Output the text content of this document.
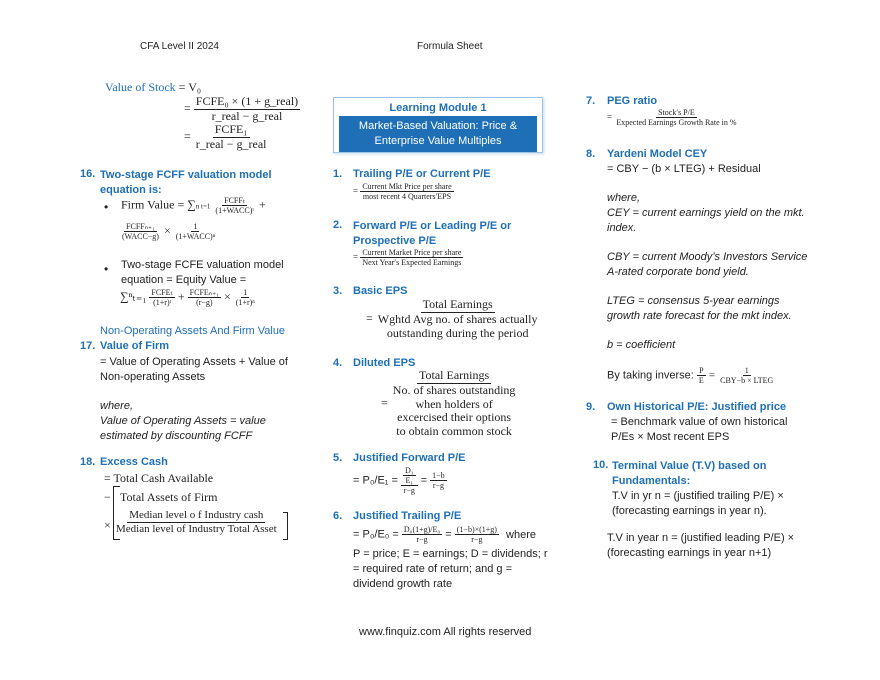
CFA Level II 2024	Formula Sheet
Value of Stock = V₀
= $\frac{\text{FCFE₀ × (1 + g\_real)}}{\text{r\_real − g\_real}}$
= $\frac{\text{FCFE₁}}{\text{r\_real − g\_real}}$
16. Two-stage FCFF valuation model
equation is:
• Firm Value = ∑n $t=1 \frac{\text{FCFFₜ}}{\text{(1+WACC)ᵗ}}$ +
$\frac{\text{FCFFₙ₊₁}}{\text{(WACC−g)}} \times \frac{1}{\text{(1+WACC)ⁿ}}$
• Two-stage FCFE valuation model
equation = Equity Value =
$\sum^n_{t=1} \frac{\text{FCFEₜ}}{\text{(1+r)ᵗ}} + \frac{\text{FCFEₙ₊₁}}{(r-g)} \times \frac{1}{\text{(1+r)ⁿ}}$
Non-Operating Assets And Firm Value
17. Value of Firm
= Value of Operating Assets + Value of
Non-operating Assets
where,
Value of Operating Assets = value
estimated by discounting FCFF
18. Excess Cash
= Total Cash Available
− Total Assets of Firm
× $\frac{\text{Median level o f Industry cash}}{\text{Median level of Industry Total Asset}}$
Learning Module 1
Market-Based Valuation: Price &
Enterprise Value Multiples
1. Trailing P/E or Current P/E
= $\frac{\text{Current Mkt Price per share}}{\text{most recent 4 Quarters′EPS}}$
2. Forward P/E or Leading P/E or
Prospective P/E
= $\frac{\text{Current Market Price per share}}{\text{Next Year′s Expected Earnings}}$
3. Basic EPS
=
Total Earnings
Wghtd Avg no. of shares actually
outstanding during the period
4. Diluted EPS
=
Total Earnings
No. of shares outstanding
when holders of
excercised their options
to obtain common stock
5. Justified Forward P/E
= $P_0/E_1 = \frac{\frac{\text{D₁}}{\text{E₁}}}{r-g} = \frac{1-b}{r-g}$
6. Justified Trailing P/E
= $P_0/E_0 = \frac{\text{D₀(1+g)/E₀}}{r-g} = \frac{(1-b)\times(1+g)}{r-g}$ where
P = price; E = earnings; D = dividends; r
= required rate of return; and g =
dividend growth rate
7. PEG ratio
= $\frac{\text{Stock′s P/E}}{\text{Expected Earnings Growth Rate in \%}}$
8. Yardeni Model CEY
= CBY − (b × LTEG) + Residual
where,
CEY = current earnings yield on the mkt.
index.
CBY = current Moody’s Investors Service
A-rated corporate bond yield.
LTEG = consensus 5-year earnings
growth rate forecast for the mkt index.
b = coefficient
By taking inverse: $\frac{P}{E} = \frac{1}{\text{CBY−b × LTEG}}$
9. Own Historical P/E: Justified price
= Benchmark value of own historical
P/Es × Most recent EPS
10. Terminal Value (T.V) based on
Fundamentals:
T.V in yr n = (justified trailing P/E) ×
(forecasting earnings in year n).
T.V in year n = (justified leading P/E) ×
(forecasting earnings in year n+1)
www.finquiz.com All rights reserved
